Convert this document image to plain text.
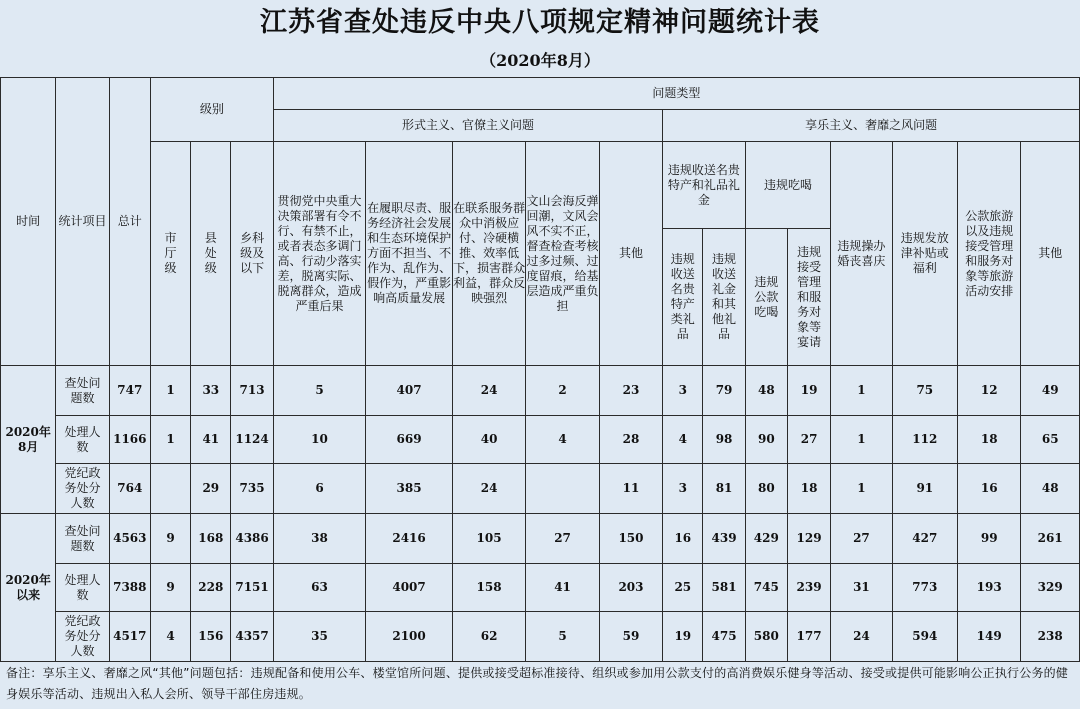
江苏省查处违反中央八项规定精神问题统计表
（2020年8月）
时间	统计项目	总计	级别			问题类型												
						形式主义、官僚主义问题					享乐主义、奢靡之风问题							
			市厅级	县处级	乡科级及以下	贯彻党中央重大决策部署有令不行、有禁不止，或者表态多调门高、行动少落实差，脱离实际、脱离群众，造成严重后果	在履职尽责、服务经济社会发展和生态环境保护方面不担当、不作为、乱作为、假作为，严重影响高质量发展	在联系服务群众中消极应付、冷硬横推、效率低下，损害群众利益，群众反映强烈	文山会海反弹回潮，文风会风不实不正，督查检查考核过多过频、过度留痕，给基层造成严重负担	其他	违规收送名贵特产和礼品礼金		违规吃喝		违规操办婚丧喜庆	违规发放津补贴或福利	公款旅游以及违规接受管理和服务对象等旅游活动安排	其他
											违规收送名贵特产类礼品	违规收送礼金和其他礼品	违规公款吃喝	违规接受管理和服务对象等宴请				
2020年8月	查处问题数	747	1	33	713	5	407	24	2	23	3	79	48	19	1	75	12	49
	处理人数	1166	1	41	1124	10	669	40	4	28	4	98	90	27	1	112	18	65
	党纪政务处分人数	764		29	735	6	385	24		11	3	81	80	18	1	91	16	48
2020年以来	查处问题数	4563	9	168	4386	38	2416	105	27	150	16	439	429	129	27	427	99	261
	处理人数	7388	9	228	7151	63	4007	158	41	203	25	581	745	239	31	773	193	329
	党纪政务处分人数	4517	4	156	4357	35	2100	62	5	59	19	475	580	177	24	594	149	238
备注：享乐主义、奢靡之风“其他”问题包括：违规配备和使用公车、楼堂馆所问题、提供或接受超标准接待、组织或参加用公款支付的高消费娱乐健身等活动、接受或提供可能影响公正执行公务的健身娱乐等活动、违规出入私人会所、领导干部住房违规。
